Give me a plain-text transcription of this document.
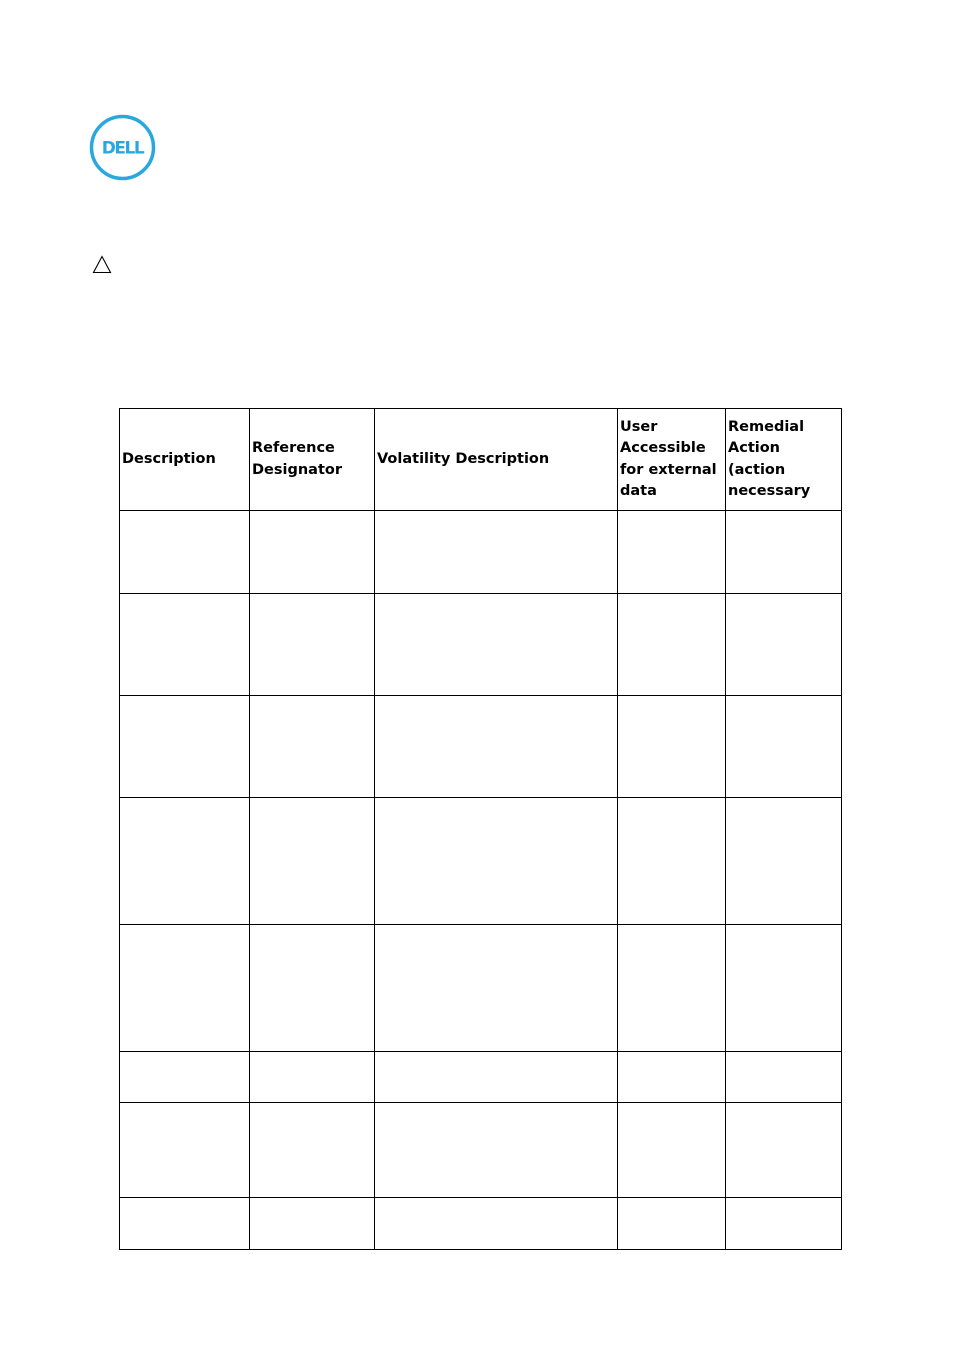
DELL
Description	Reference Designator	Volatility Description	User Accessible for external data	Remedial Action (action necessary
